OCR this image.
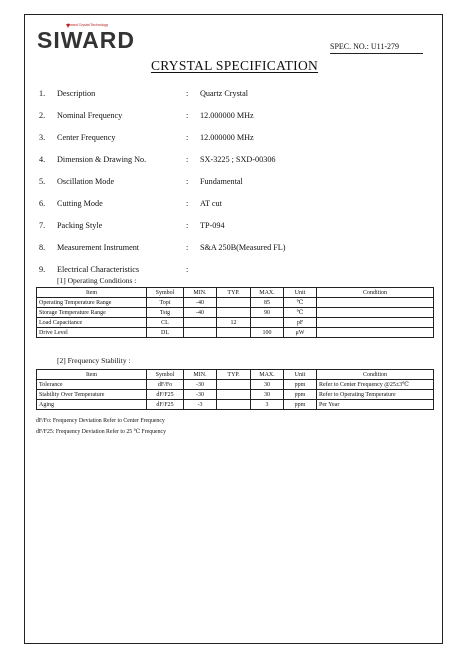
Siward Crystal Technology
SIWARD	SPEC. NO.: U11-279
CRYSTAL SPECIFICATION
1. Description	: Quartz Crystal
2. Nominal Frequency	: 12.000000 MHz
3. Center Frequency	: 12.000000 MHz
4. Dimension & Drawing No.	: SX-3225 ; SXD-00306
5. Oscillation Mode	: Fundamental
6. Cutting Mode	: AT cut
7. Packing Style	: TP-094
8. Measurement Instrument	: S&A 250B(Measured FL)
9. Electrical Characteristics	:
[1] Operating Conditions :
Item	Symbol	MIN.	TYP.	MAX.	Unit	Condition
Operating Temperature Range	Topt	-40		85	℃	
Storage Temperature Range	Tstg	-40		90	℃	
Load Capacitance	CL		12		pF	
Drive Level	DL			100	μW	
[2] Frequency Stability :
Item	Symbol	MIN.	TYP.	MAX.	Unit	Condition
Tolerance	dF/Fo	-30		30	ppm	Refer to Center Frequency @25±3℃
Stability Over Temperature	dF/F25	-30		30	ppm	Refer to Operating Temperature
Aging	dF/F25	-3		3	ppm	Per Year
dF/Fo: Frequency Deviation Refer to Center Frequency
dF/F25: Frequency Deviation Refer to 25 ℃ Frequency
